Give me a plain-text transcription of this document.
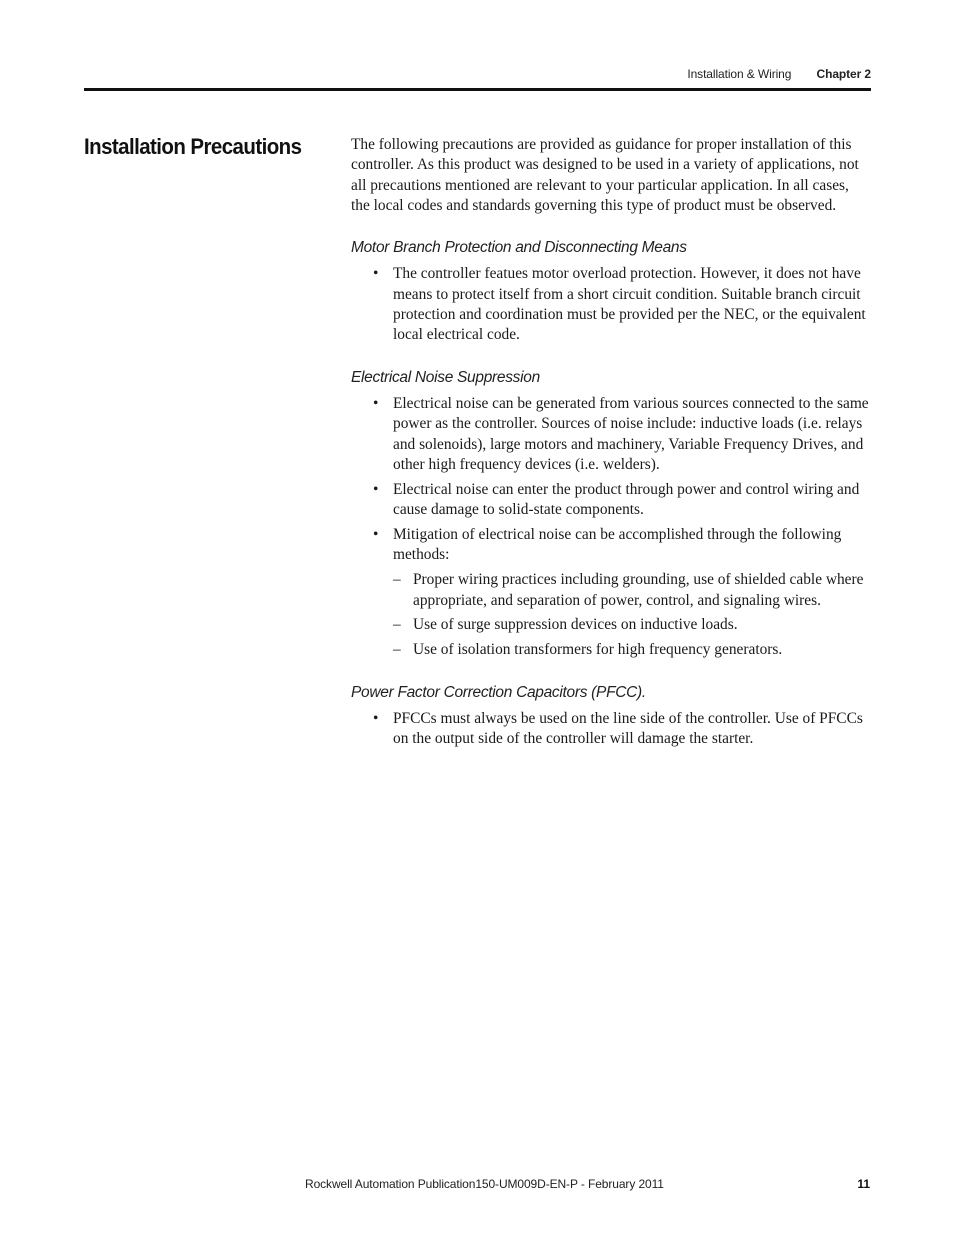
Installation & Wiring Chapter 2
Installation Precautions	The following precautions are provided as guidance for proper installation of this controller. As this product was designed to be used in a variety of applications, not all precautions mentioned are relevant to your particular application. In all cases, the local codes and standards governing this type of product must be observed.

Motor Branch Protection and Disconnecting Means
• The controller featues motor overload protection. However, it does not have means to protect itself from a short circuit condition. Suitable branch circuit protection and coordination must be provided per the NEC, or the equivalent local electrical code.
Electrical Noise Suppression
• Electrical noise can be generated from various sources connected to the same power as the controller. Sources of noise include: inductive loads (i.e. relays and solenoids), large motors and machinery, Variable Frequency Drives, and other high frequency devices (i.e. welders).
• Electrical noise can enter the product through power and control wiring and cause damage to solid-state components.
• Mitigation of electrical noise can be accomplished through the following methods:
– Proper wiring practices including grounding, use of shielded cable where appropriate, and separation of power, control, and signaling wires.
– Use of surge suppression devices on inductive loads.
– Use of isolation transformers for high frequency generators.
Power Factor Correction Capacitors (PFCC).
• PFCCs must always be used on the line side of the controller. Use of PFCCs on the output side of the controller will damage the starter.
Rockwell Automation Publication150-UM009D-EN-P - February 2011	11
